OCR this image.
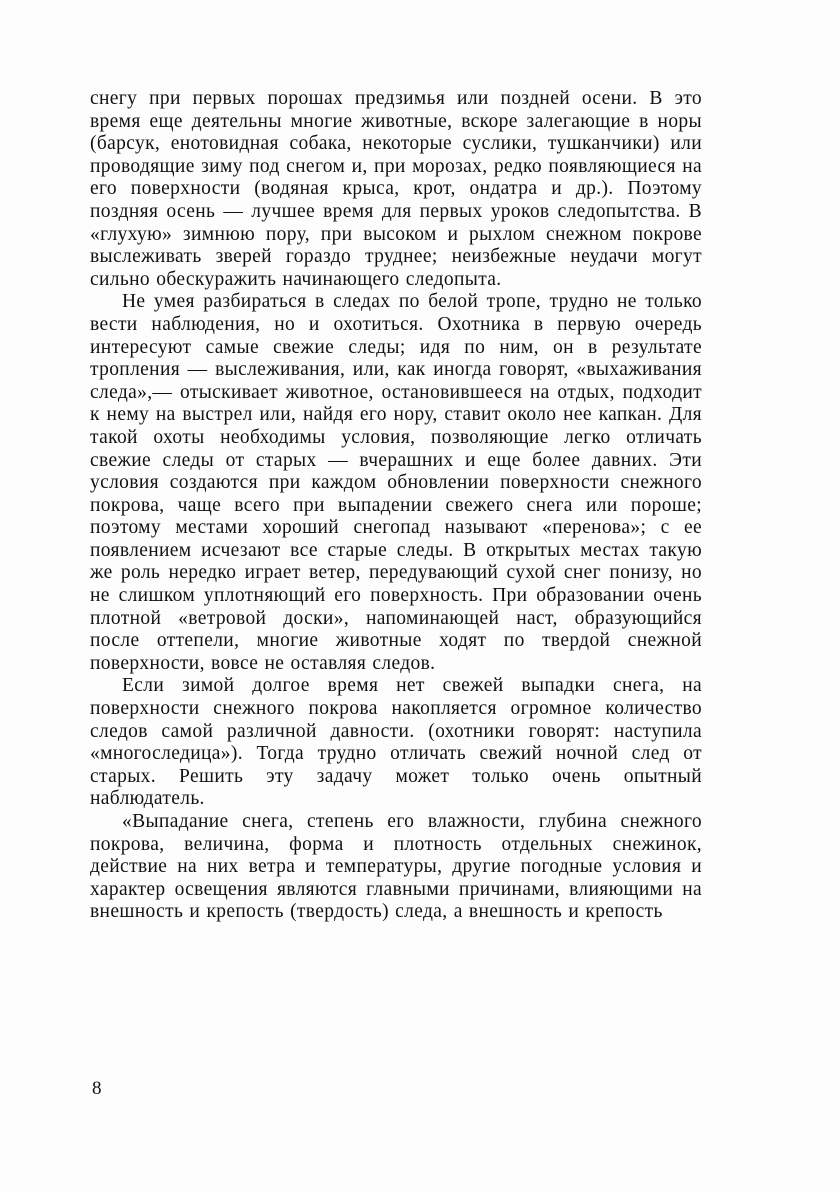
снегу при первых порошах предзимья или поздней осени. В это время еще деятельны многие животные, вскоре залегающие в норы (барсук, енотовидная собака, некоторые суслики, тушканчики) или проводящие зиму под снегом и, при морозах, редко появляющиеся на его поверхности (водяная крыса, крот, ондатра и др.). Поэтому поздняя осень — лучшее время для первых уроков следопытства. В «глухую» зимнюю пору, при высоком и рыхлом снежном покрове выслеживать зверей гораздо труднее; неизбежные неудачи могут сильно обескуражить начинающего следопыта.

Не умея разбираться в следах по белой тропе, трудно не только вести наблюдения, но и охотиться. Охотника в первую очередь интересуют самые свежие следы; идя по ним, он в результате тропления — выслеживания, или, как иногда говорят, «выхаживания следа»,— отыскивает животное, остановившееся на отдых, подходит к нему на выстрел или, найдя его нору, ставит около нее капкан. Для такой охоты необходимы условия, позволяющие легко отличать свежие следы от старых — вчерашних и еще более давних. Эти условия создаются при каждом обновлении поверхности снежного покрова, чаще всего при выпадении свежего снега или пороше; поэтому местами хороший снегопад называют «перенова»; с ее появлением исчезают все старые следы. В открытых местах такую же роль нередко играет ветер, передувающий сухой снег понизу, но не слишком уплотняющий его поверхность. При образовании очень плотной «ветровой доски», напоминающей наст, образующийся после оттепели, многие животные ходят по твердой снежной поверхности, вовсе не оставляя следов.

Если зимой долгое время нет свежей выпадки снега, на поверхности снежного покрова накопляется огромное количество следов самой различной давности. (охотники говорят: наступила «многоследица»). Тогда трудно отличать свежий ночной след от старых. Решить эту задачу может только очень опытный наблюдатель.

«Выпадание снега, степень его влажности, глубина снежного покрова, величина, форма и плотность отдельных снежинок, действие на них ветра и температуры, другие погодные условия и характер освещения являются главными причинами, влияющими на внешность и крепость (твердость) следа, а внешность и крепость

8
